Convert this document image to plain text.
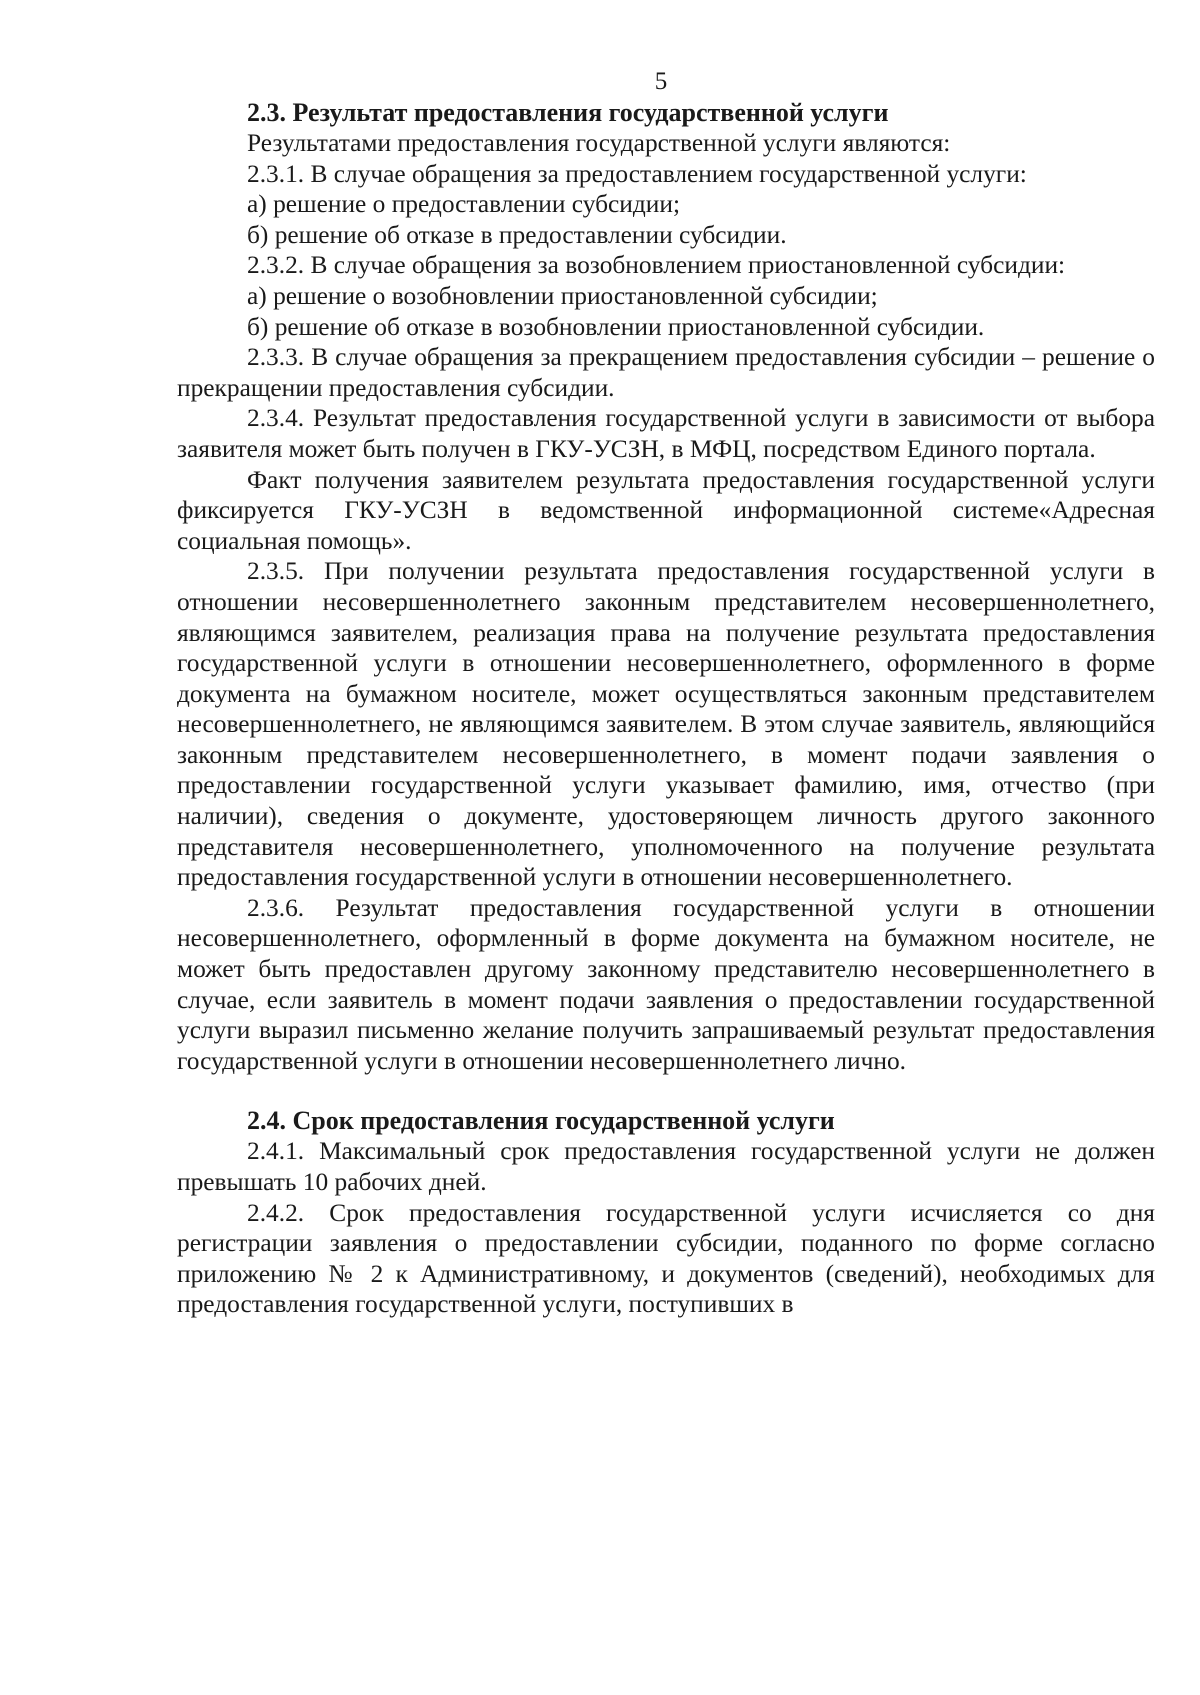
5
2.3. Результат предоставления государственной услуги

Результатами предоставления государственной услуги являются:

2.3.1. В случае обращения за предоставлением государственной услуги:

а) решение о предоставлении субсидии;

б) решение об отказе в предоставлении субсидии.

2.3.2. В случае обращения за возобновлением приостановленной субсидии:

а) решение о возобновлении приостановленной субсидии;

б) решение об отказе в возобновлении приостановленной субсидии.

2.3.3. В случае обращения за прекращением предоставления субсидии – решение о прекращении предоставления субсидии.

2.3.4. Результат предоставления государственной услуги в зависимости от выбора заявителя может быть получен в ГКУ-УСЗН, в МФЦ, посредством Единого портала.

Факт получения заявителем результата предоставления государственной услуги фиксируется ГКУ-УСЗН в ведомственной информационной системе«Адресная социальная помощь».

2.3.5. При получении результата предоставления государственной услуги в отношении несовершеннолетнего законным представителем несовершеннолетнего, являющимся заявителем, реализация права на получение результата предоставления государственной услуги в отношении несовершеннолетнего, оформленного в форме документа на бумажном носителе, может осуществляться законным представителем несовершеннолетнего, не являющимся заявителем. В этом случае заявитель, являющийся законным представителем несовершеннолетнего, в момент подачи заявления о предоставлении государственной услуги указывает фамилию, имя, отчество (при наличии), сведения о документе, удостоверяющем личность другого законного представителя несовершеннолетнего, уполномоченного на получение результата предоставления государственной услуги в отношении несовершеннолетнего.

2.3.6. Результат предоставления государственной услуги в отношении несовершеннолетнего, оформленный в форме документа на бумажном носителе, не может быть предоставлен другому законному представителю несовершеннолетнего в случае, если заявитель в момент подачи заявления о предоставлении государственной услуги выразил письменно желание получить запрашиваемый результат предоставления государственной услуги в отношении несовершеннолетнего лично.

2.4. Срок предоставления государственной услуги

2.4.1. Максимальный срок предоставления государственной услуги не должен превышать 10 рабочих дней.

2.4.2. Срок предоставления государственной услуги исчисляется со дня регистрации заявления о предоставлении субсидии, поданного по форме согласно приложению № 2 к Административному, и документов (сведений), необходимых для предоставления государственной услуги, поступивших в
